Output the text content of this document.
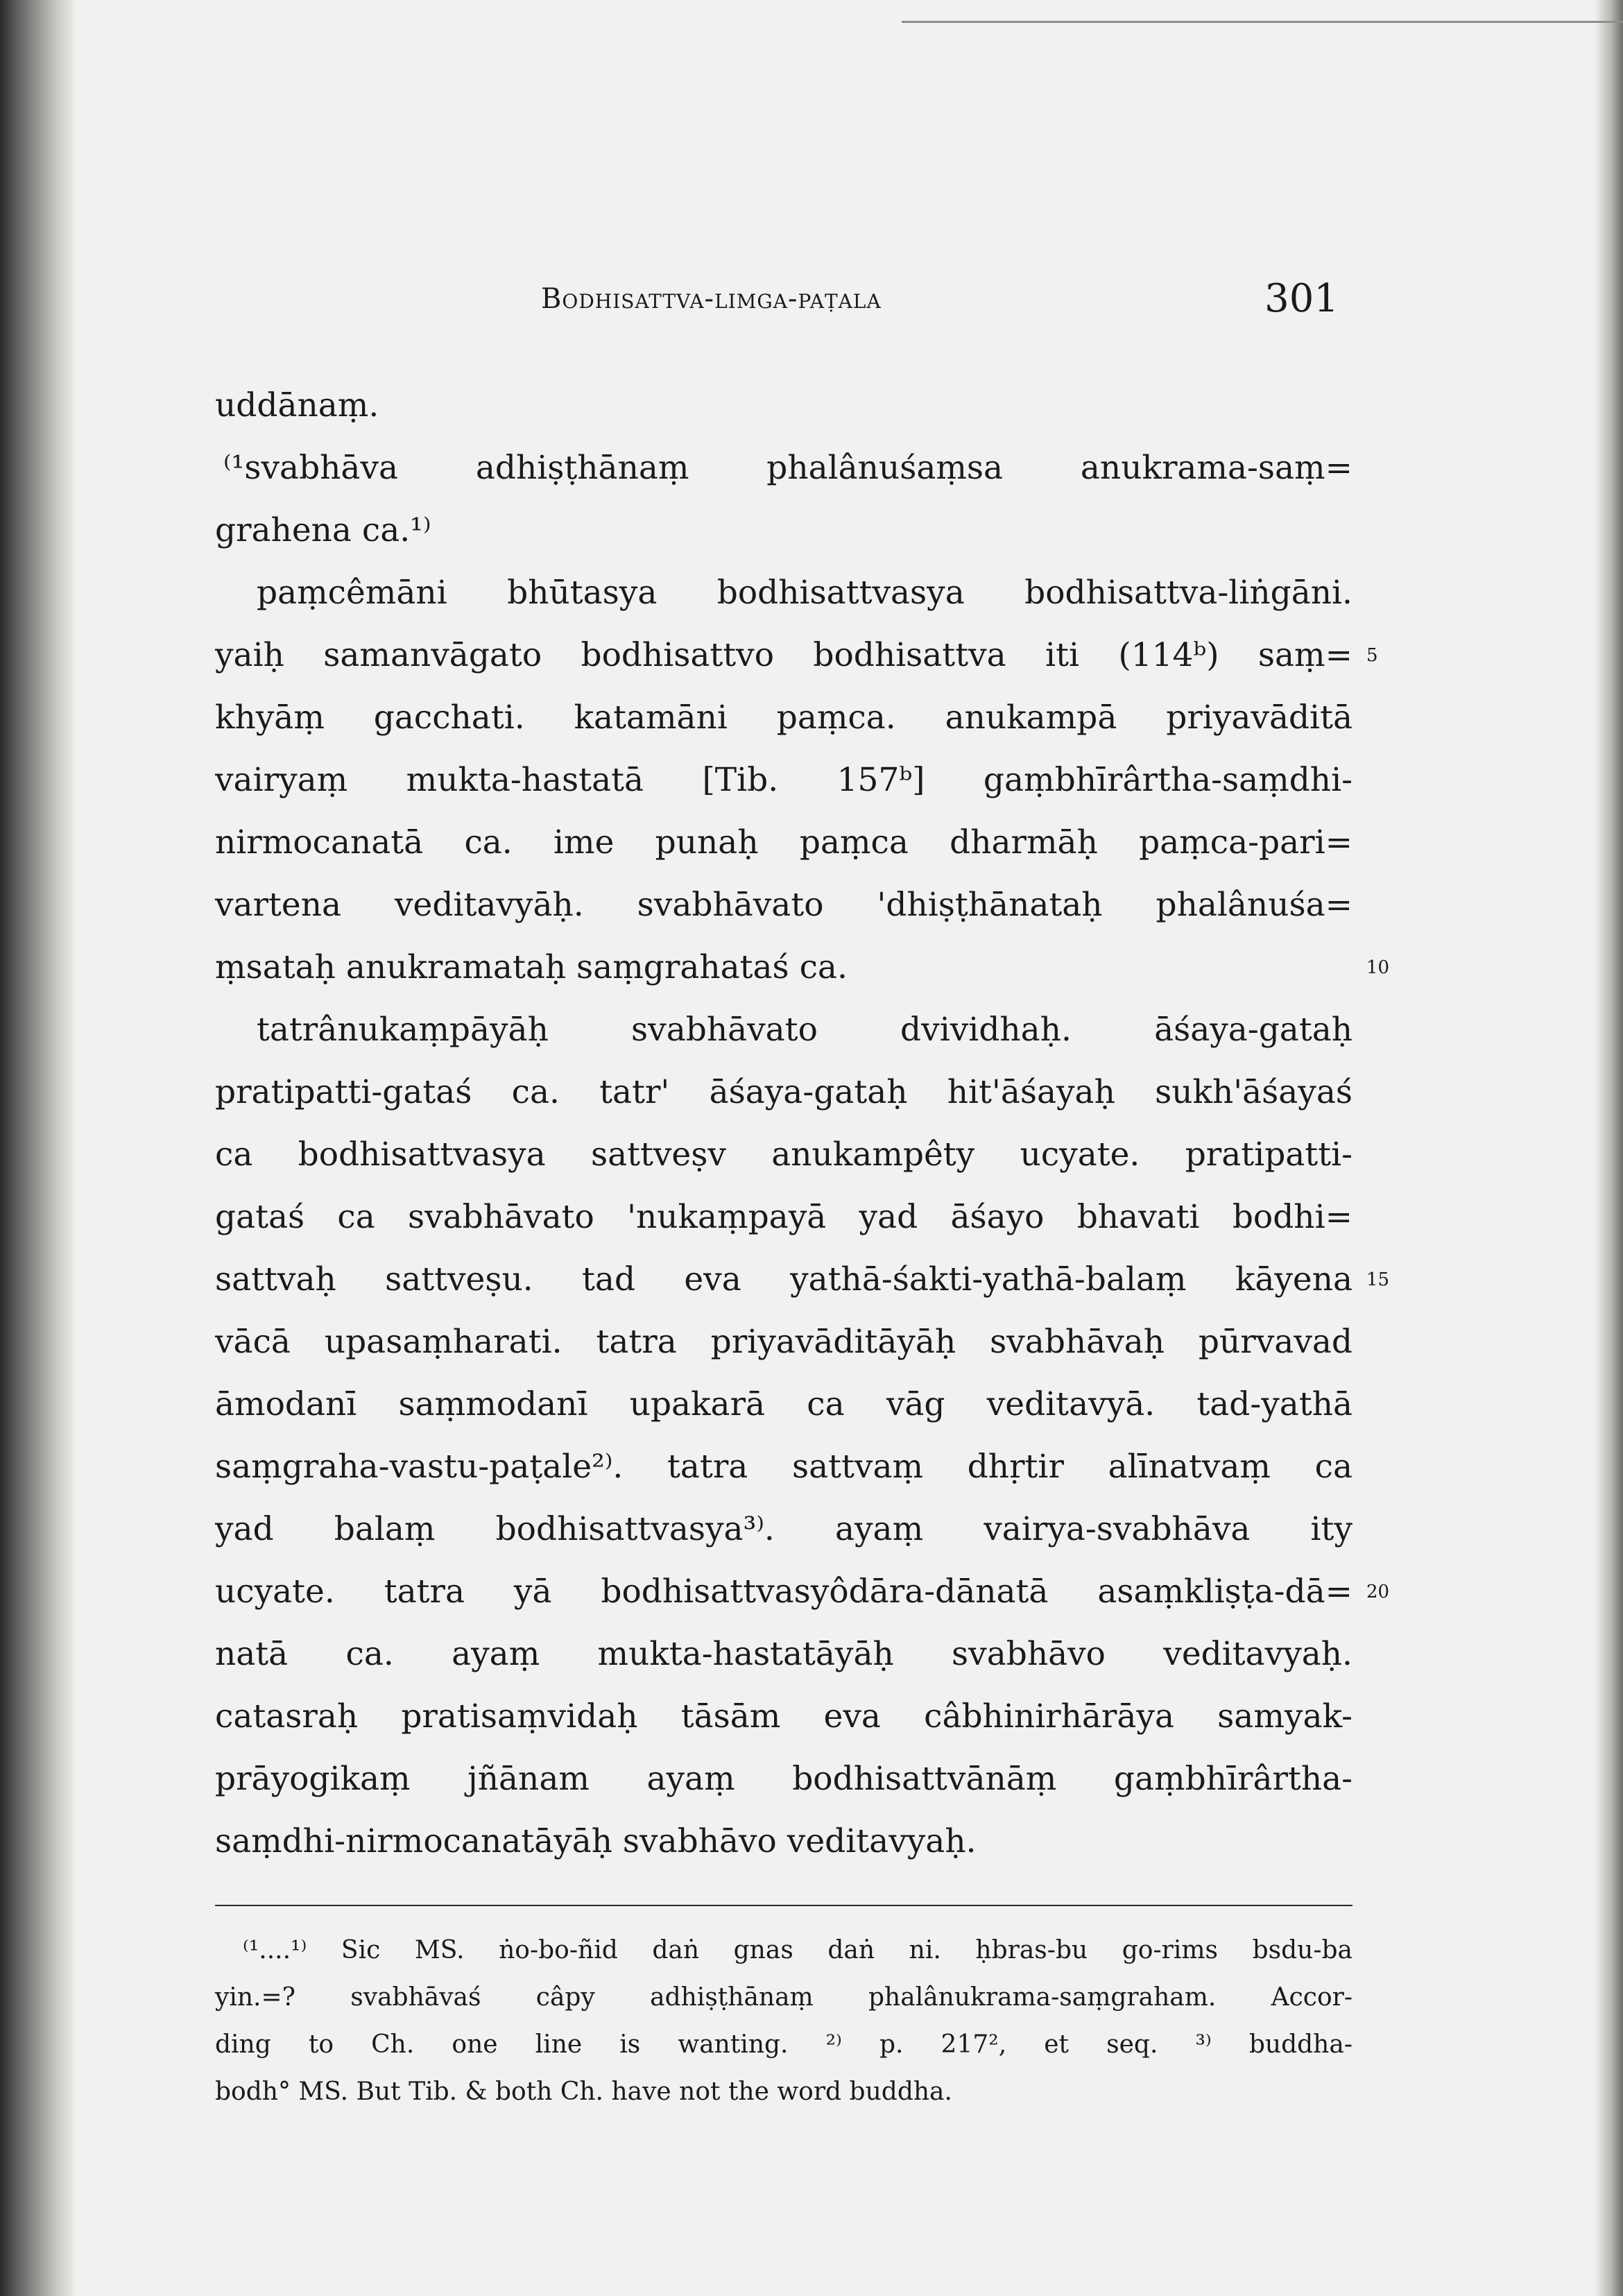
Bodhisattva-limga-paṭala	301
uddānaṃ.
⁽¹svabhāva adhiṣṭhānaṃ phalânuśaṃsa anukrama-saṃ=
grahena ca.¹⁾
paṃcêmāni bhūtasya bodhisattvasya bodhisattva-liṅgāni.
yaiḥ samanvāgato bodhisattvo bodhisattva iti (114ᵇ) saṃ= 5
khyāṃ gacchati. katamāni paṃca. anukampā priyavāditā
vairyaṃ mukta-hastatā [Tib. 157ᵇ] gaṃbhīrârtha-saṃdhi-
nirmocanatā ca. ime punaḥ paṃca dharmāḥ paṃca-pari=
vartena veditavyāḥ. svabhāvato 'dhiṣṭhānataḥ phalânuśa=
ṃsataḥ anukramataḥ saṃgrahataś ca.	10
tatrânukaṃpāyāḥ svabhāvato dvividhaḥ. āśaya-gataḥ
pratipatti-gataś ca. tatr' āśaya-gataḥ hit'āśayaḥ sukh'āśayaś
ca bodhisattvasya sattveṣv anukampêty ucyate. pratipatti-
gataś ca svabhāvato 'nukaṃpayā yad āśayo bhavati bodhi=
sattvaḥ sattveṣu. tad eva yathā-śakti-yathā-balaṃ kāyena 15
vācā upasaṃharati. tatra priyavāditāyāḥ svabhāvaḥ pūrvavad
āmodanī saṃmodanī upakarā ca vāg veditavyā. tad-yathā
saṃgraha-vastu-paṭale²⁾. tatra sattvaṃ dhṛtir alīnatvaṃ ca
yad balaṃ bodhisattvasya³⁾. ayaṃ vairya-svabhāva ity
ucyate. tatra yā bodhisattvasyôdāra-dānatā asaṃkliṣṭa-dā= 20
natā ca. ayaṃ mukta-hastatāyāḥ svabhāvo veditavyaḥ.
catasraḥ pratisaṃvidaḥ tāsām eva câbhinirhārāya samyak-
prāyogikaṃ jñānam ayaṃ bodhisattvānāṃ gaṃbhīrârtha-
saṃdhi-nirmocanatāyāḥ svabhāvo veditavyaḥ.
⁽¹....¹⁾ Sic MS. ṅo-bo-ñid daṅ gnas daṅ ni. ḥbras-bu go-rims bsdu-ba
yin.=? svabhāvaś câpy adhiṣṭhānaṃ phalânukrama-saṃgraham. Accor-
ding to Ch. one line is wanting. ²⁾ p. 217², et seq. ³⁾ buddha-
bodh° MS. But Tib. & both Ch. have not the word buddha.
